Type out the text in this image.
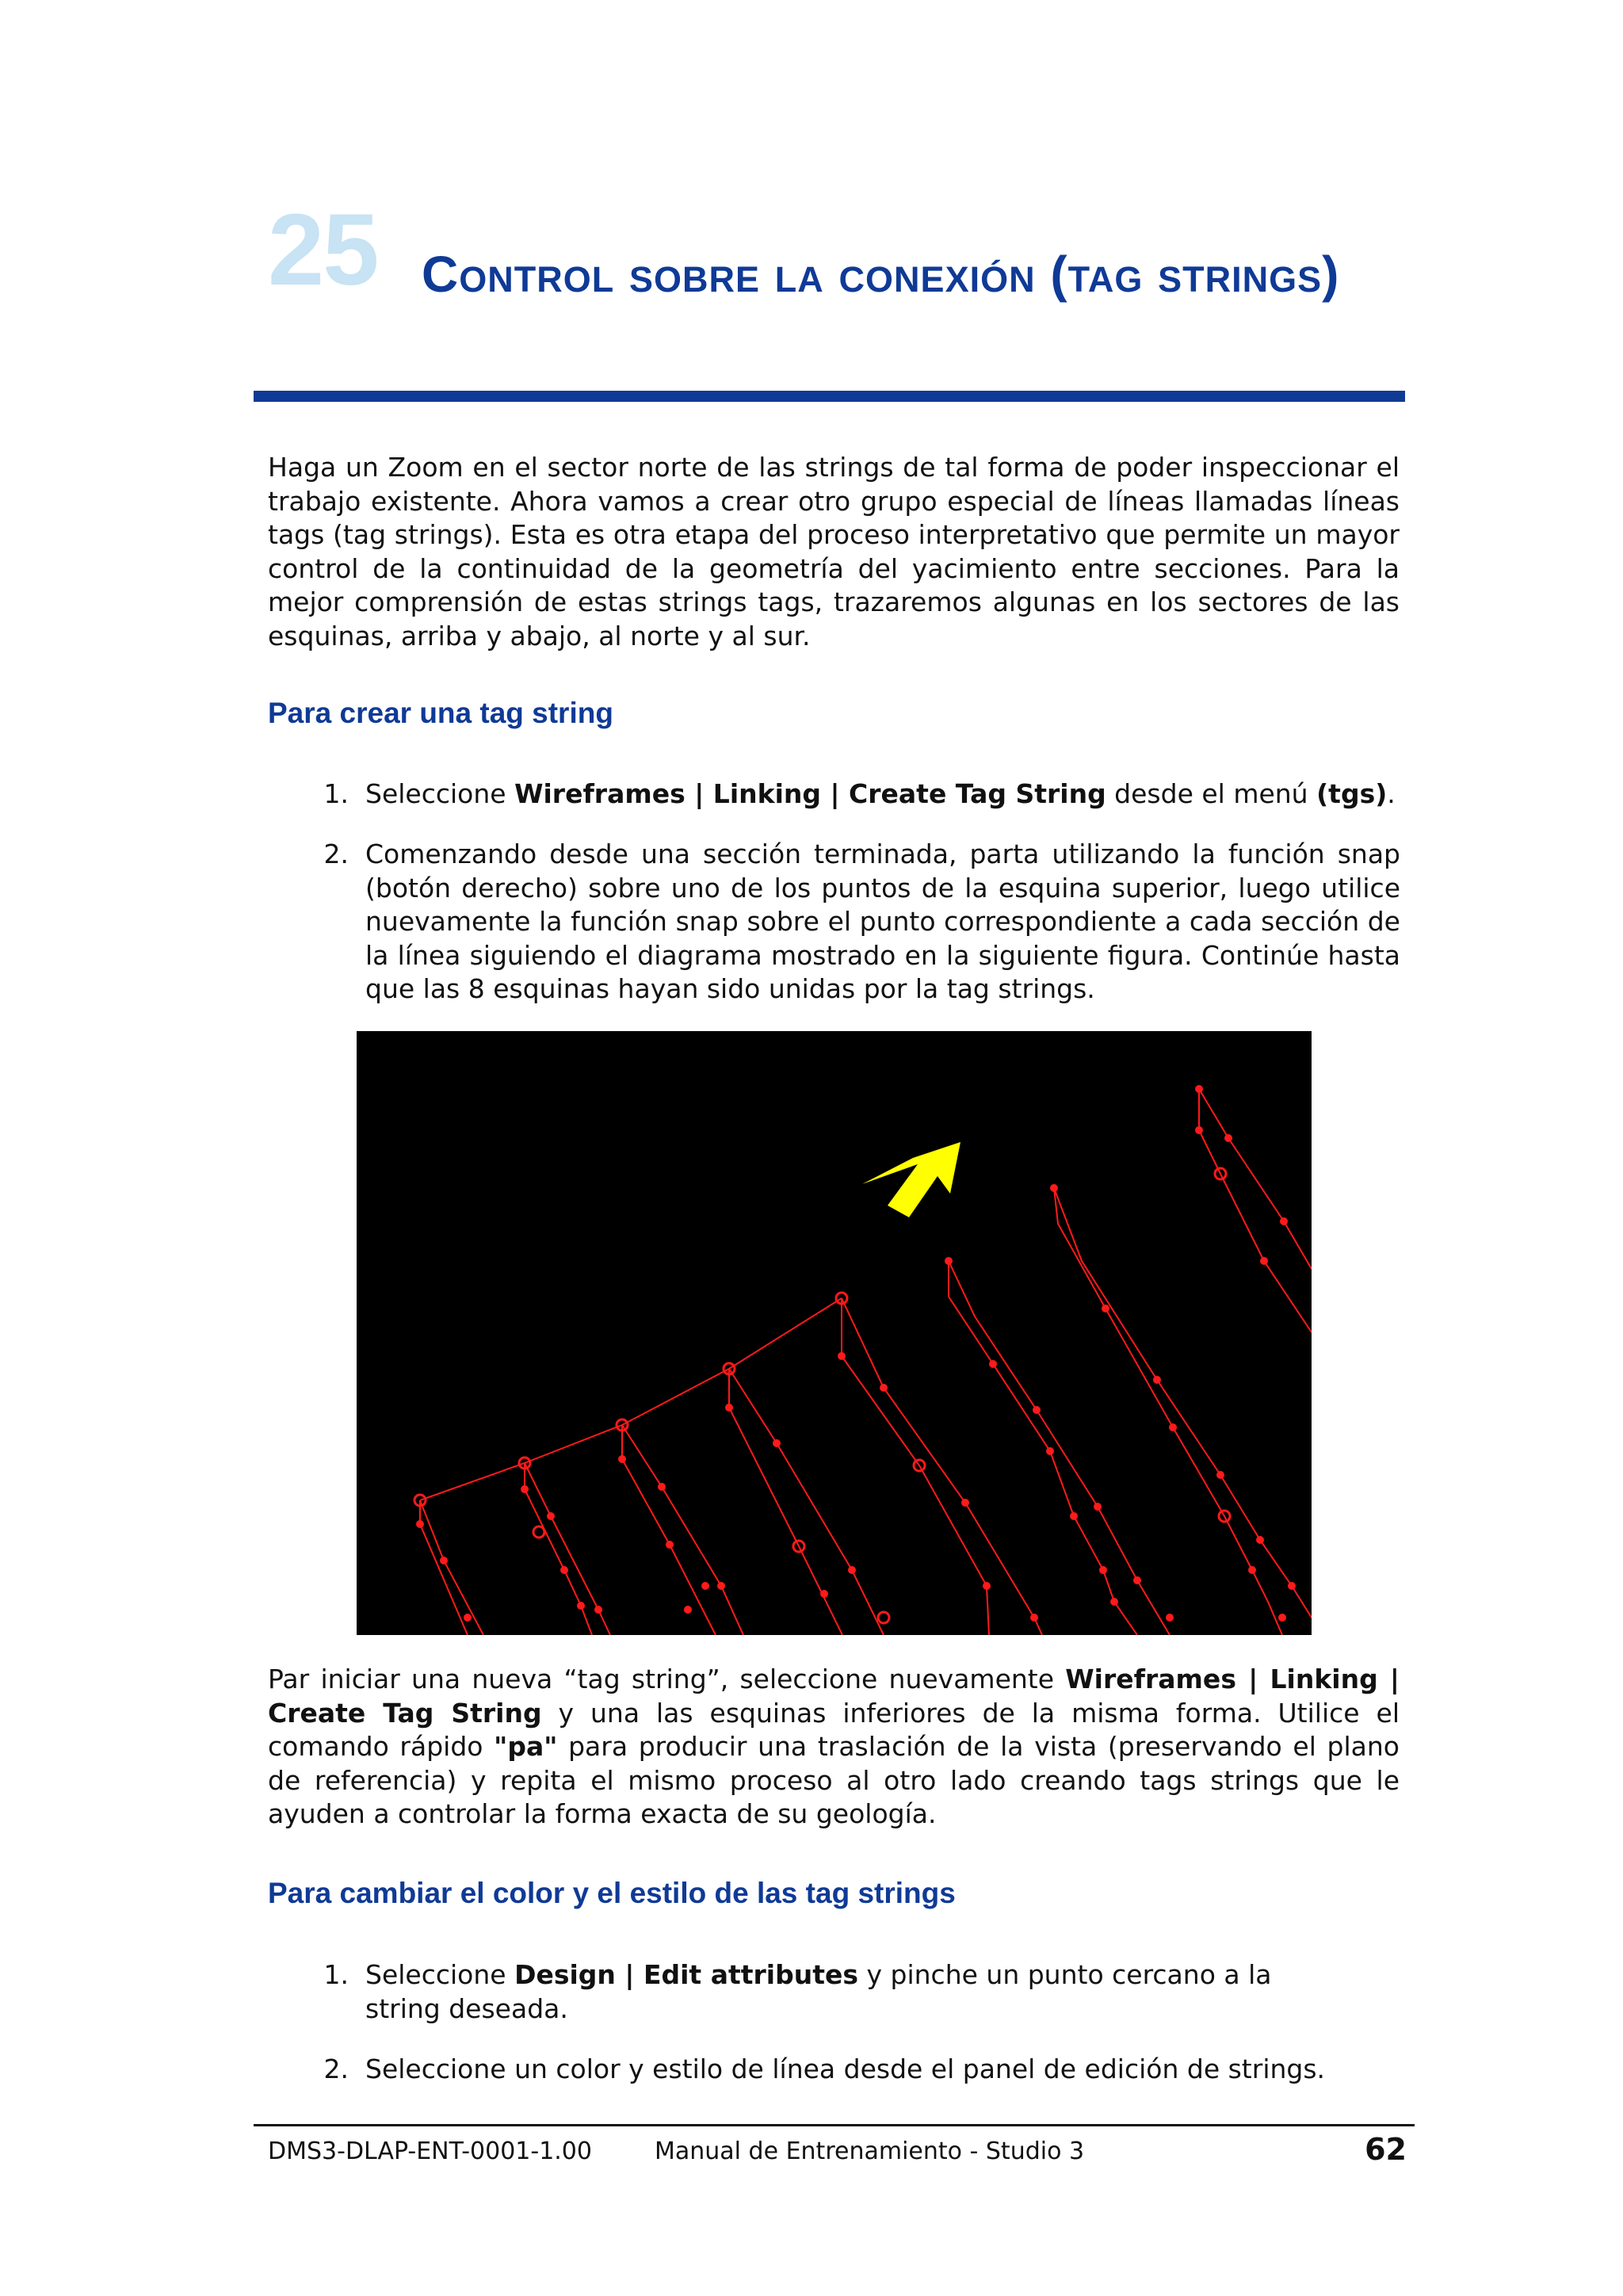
25 Control sobre la conexión (tag strings)

Haga un Zoom en el sector norte de las strings de tal forma de poder inspeccionar el trabajo existente. Ahora vamos a crear otro grupo especial de líneas llamadas líneas tags (tag strings). Esta es otra etapa del proceso interpretativo que permite un mayor control de la continuidad de la geometría del yacimiento entre secciones. Para la mejor comprensión de estas strings tags, trazaremos algunas en los sectores de las esquinas, arriba y abajo, al norte y al sur.

Para crear una tag string
1. Seleccione Wireframes | Linking | Create Tag String desde el menú (tgs).

2. Comenzando desde una sección terminada, parta utilizando la función snap (botón derecho) sobre uno de los puntos de la esquina superior, luego utilice nuevamente la función snap sobre el punto correspondiente a cada sección de la línea siguiendo el diagrama mostrado en la siguiente figura. Continúe hasta que las 8 esquinas hayan sido unidas por la tag strings.

Par iniciar una nueva “tag string”, seleccione nuevamente Wireframes | Linking | Create Tag String y una las esquinas inferiores de la misma forma. Utilice el comando rápido "pa" para producir una traslación de la vista (preservando el plano de referencia) y repita el mismo proceso al otro lado creando tags strings que le ayuden a controlar la forma exacta de su geología.

Para cambiar el color y el estilo de las tag strings
1. Seleccione Design | Edit attributes y pinche un punto cercano a la string deseada.

2. Seleccione un color y estilo de línea desde el panel de edición de strings.

DMS3-DLAP-ENT-0001-1.00	Manual de Entrenamiento - Studio 3	62
